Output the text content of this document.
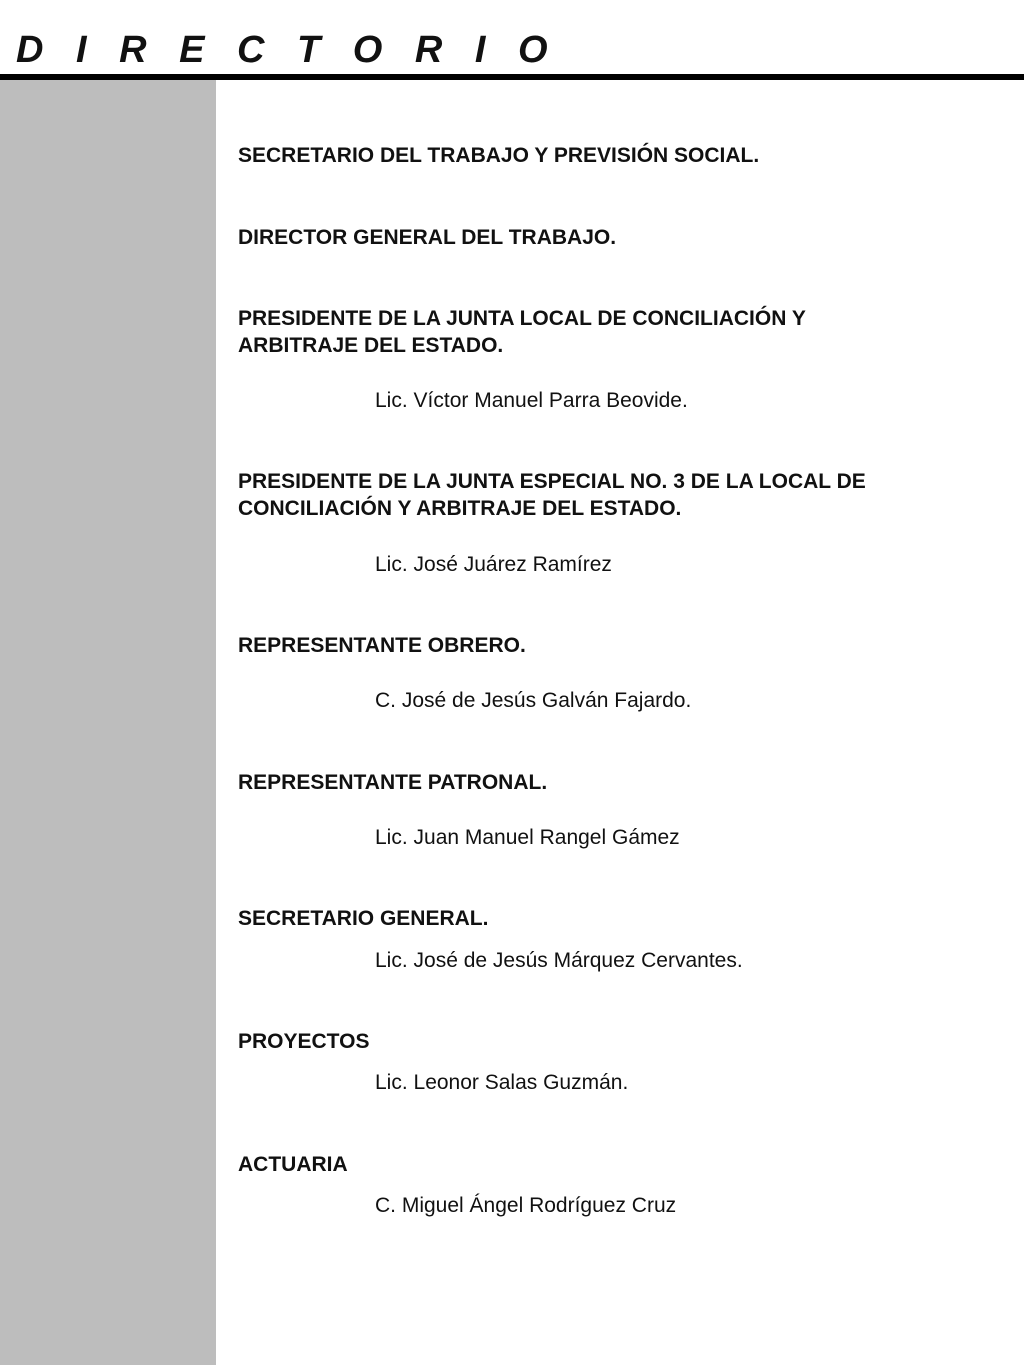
D I R E C T O R I O

SECRETARIO DEL TRABAJO Y PREVISIÓN SOCIAL.

DIRECTOR GENERAL DEL TRABAJO.

PRESIDENTE DE LA JUNTA LOCAL DE CONCILIACIÓN Y
ARBITRAJE DEL ESTADO.

Lic. Víctor Manuel Parra Beovide.

PRESIDENTE DE LA JUNTA ESPECIAL NO. 3 DE LA LOCAL DE
CONCILIACIÓN Y ARBITRAJE DEL ESTADO.

Lic. José Juárez Ramírez

REPRESENTANTE OBRERO.

C. José de Jesús Galván Fajardo.

REPRESENTANTE PATRONAL.

Lic. Juan Manuel Rangel Gámez

SECRETARIO GENERAL.

Lic. José de Jesús Márquez Cervantes.

PROYECTOS

Lic. Leonor Salas Guzmán.

ACTUARIA

C. Miguel Ángel Rodríguez Cruz
